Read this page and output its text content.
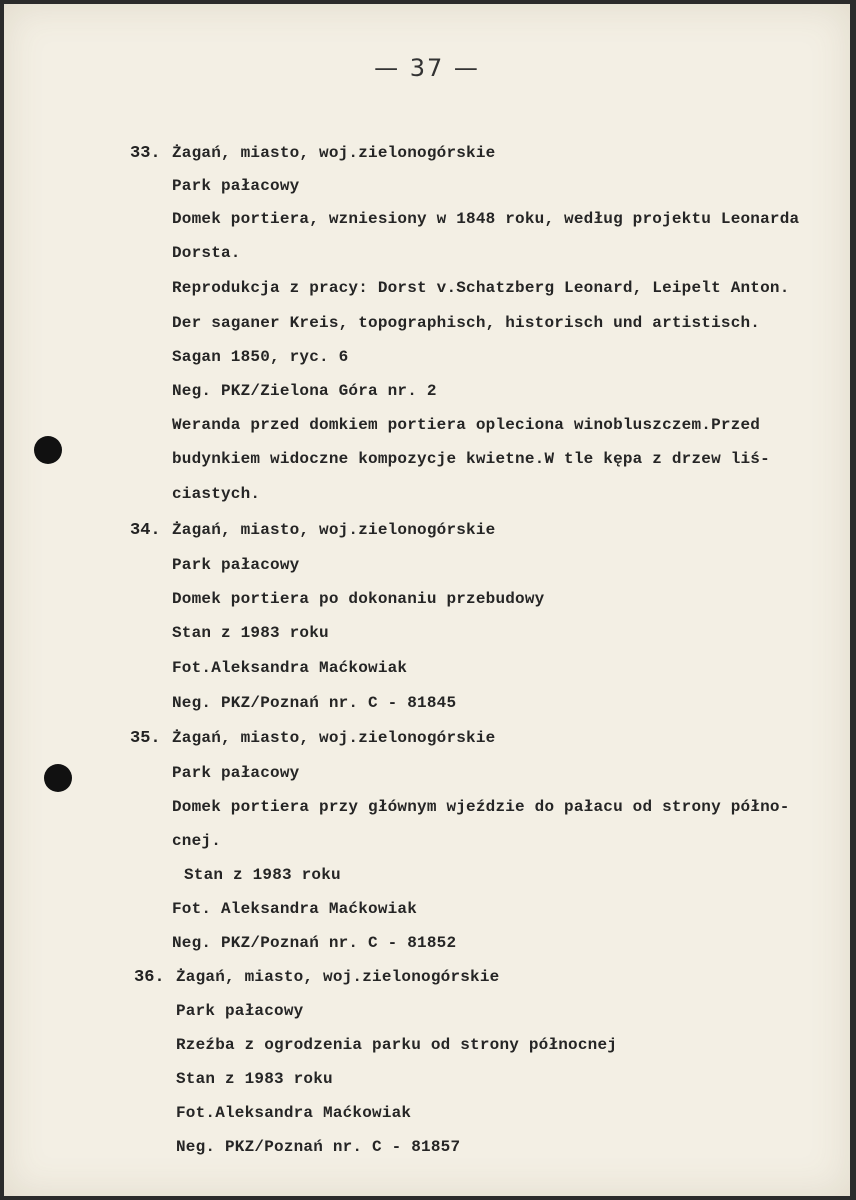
— 37 —
33. Żagań, miasto, woj.zielonogórskie
Park pałacowy
Domek portiera, wzniesiony w 1848 roku, według projektu Leonarda
Dorsta.
Reprodukcja z pracy: Dorst v.Schatzberg Leonard, Leipelt Anton.
Der saganer Kreis, topographisch, historisch und artistisch.
Sagan 1850, ryc. 6
Neg. PKZ/Zielona Góra nr. 2
Weranda przed domkiem portiera opleciona winobluszczem.Przed
budynkiem widoczne kompozycje kwietne.W tle kępa z drzew liś-
ciastych.
34. Żagań, miasto, woj.zielonogórskie
Park pałacowy
Domek portiera po dokonaniu przebudowy
Stan z 1983 roku
Fot.Aleksandra Maćkowiak
Neg. PKZ/Poznań nr. C - 81845
35. Żagań, miasto, woj.zielonogórskie
Park pałacowy
Domek portiera przy głównym wjeździe do pałacu od strony półno-
cnej.
Stan z 1983 roku
Fot. Aleksandra Maćkowiak
Neg. PKZ/Poznań nr. C - 81852
36. Żagań, miasto, woj.zielonogórskie
Park pałacowy
Rzeźba z ogrodzenia parku od strony północnej
Stan z 1983 roku
Fot.Aleksandra Maćkowiak
Neg. PKZ/Poznań nr. C - 81857
